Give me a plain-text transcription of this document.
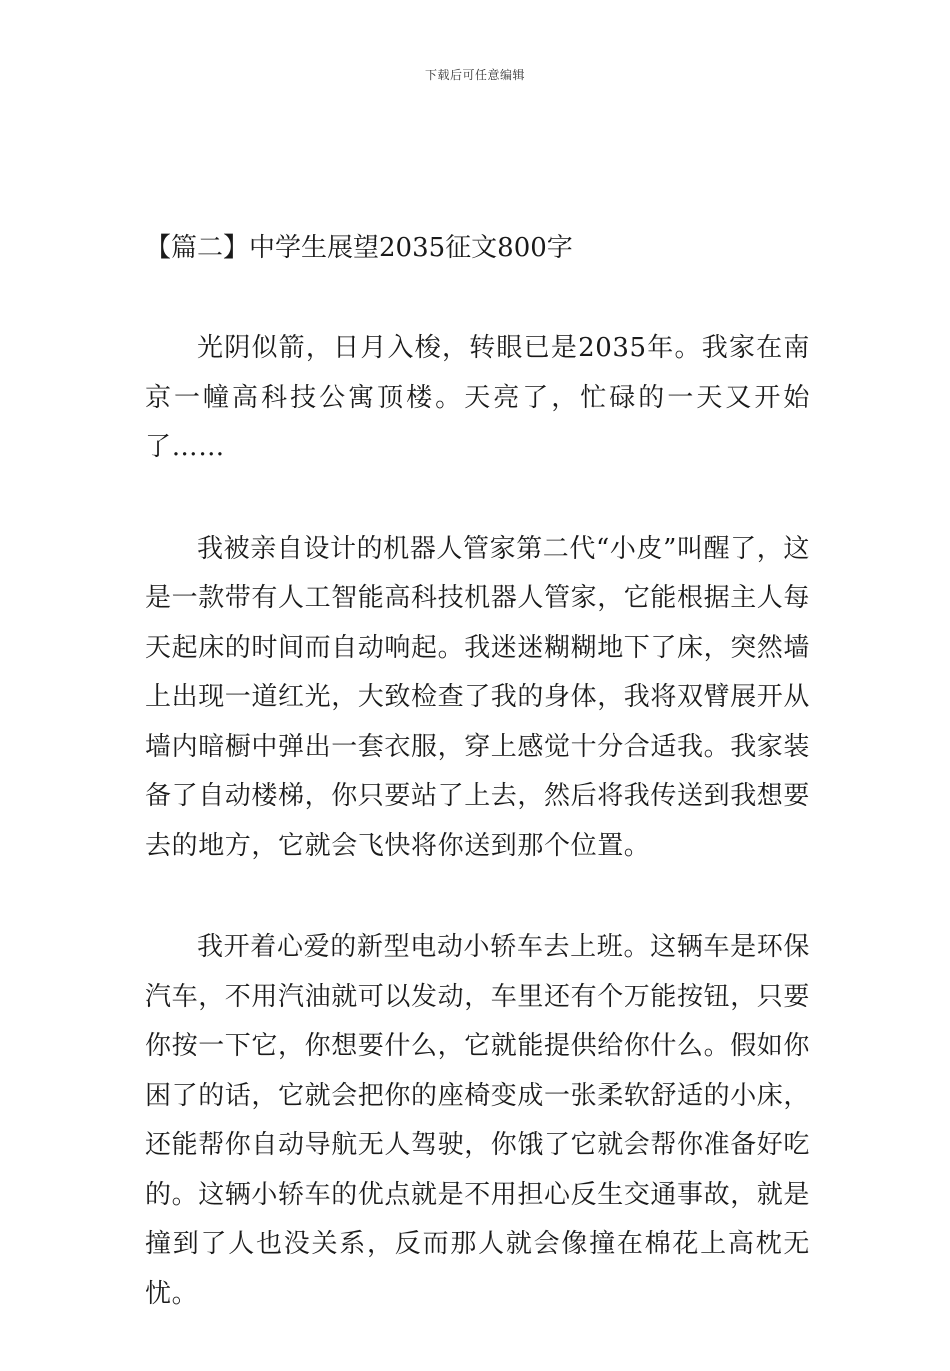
下载后可任意编辑
【篇二】中学生展望2035征文800字

光阴似箭，日月入梭，转眼已是2035年。我家在南京一幢高科技公寓顶楼。天亮了，忙碌的一天又开始了……

我被亲自设计的机器人管家第二代“小皮”叫醒了，这是一款带有人工智能高科技机器人管家，它能根据主人每天起床的时间而自动响起。我迷迷糊糊地下了床，突然墙上出现一道红光，大致检查了我的身体，我将双臂展开从墙内暗橱中弹出一套衣服，穿上感觉十分合适我。我家装备了自动楼梯，你只要站了上去，然后将我传送到我想要去的地方，它就会飞快将你送到那个位置。

我开着心爱的新型电动小轿车去上班。这辆车是环保汽车，不用汽油就可以发动，车里还有个万能按钮，只要你按一下它，你想要什么，它就能提供给你什么。假如你困了的话，它就会把你的座椅变成一张柔软舒适的小床，还能帮你自动导航无人驾驶，你饿了它就会帮你准备好吃的。这辆小轿车的优点就是不用担心反生交通事故，就是撞到了人也没关系，反而那人就会像撞在棉花上高枕无忧。
